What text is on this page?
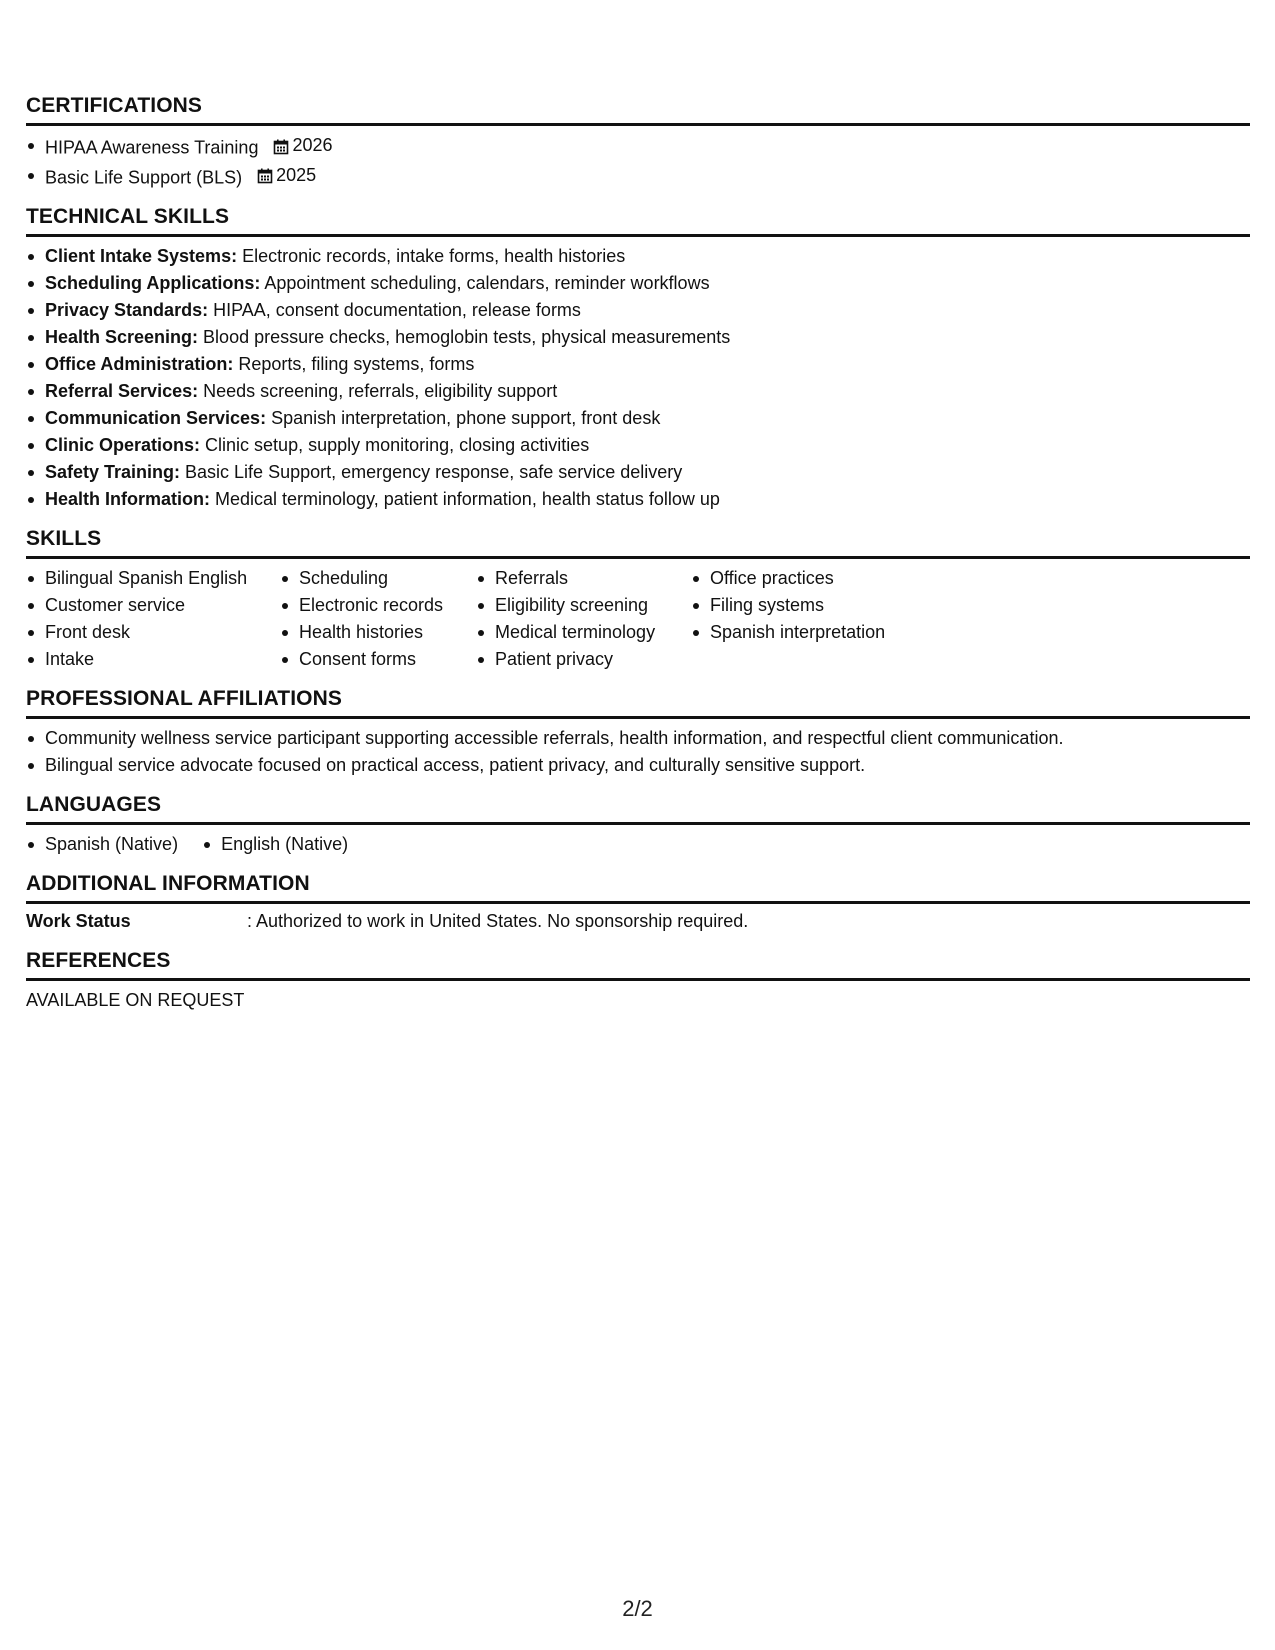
CERTIFICATIONS
HIPAA Awareness Training 2026
Basic Life Support (BLS) 2025
TECHNICAL SKILLS
Client Intake Systems: Electronic records, intake forms, health histories
Scheduling Applications: Appointment scheduling, calendars, reminder workflows
Privacy Standards: HIPAA, consent documentation, release forms
Health Screening: Blood pressure checks, hemoglobin tests, physical measurements
Office Administration: Reports, filing systems, forms
Referral Services: Needs screening, referrals, eligibility support
Communication Services: Spanish interpretation, phone support, front desk
Clinic Operations: Clinic setup, supply monitoring, closing activities
Safety Training: Basic Life Support, emergency response, safe service delivery
Health Information: Medical terminology, patient information, health status follow up
SKILLS
Bilingual Spanish English
Customer service
Front desk
Intake
Scheduling
Electronic records
Health histories
Consent forms
Referrals
Eligibility screening
Medical terminology
Patient privacy
Office practices
Filing systems
Spanish interpretation
PROFESSIONAL AFFILIATIONS
Community wellness service participant supporting accessible referrals, health information, and respectful client communication.
Bilingual service advocate focused on practical access, patient privacy, and culturally sensitive support.
LANGUAGES
Spanish (Native)	English (Native)
ADDITIONAL INFORMATION
Work Status	: Authorized to work in United States. No sponsorship required.
REFERENCES
AVAILABLE ON REQUEST
2/2
